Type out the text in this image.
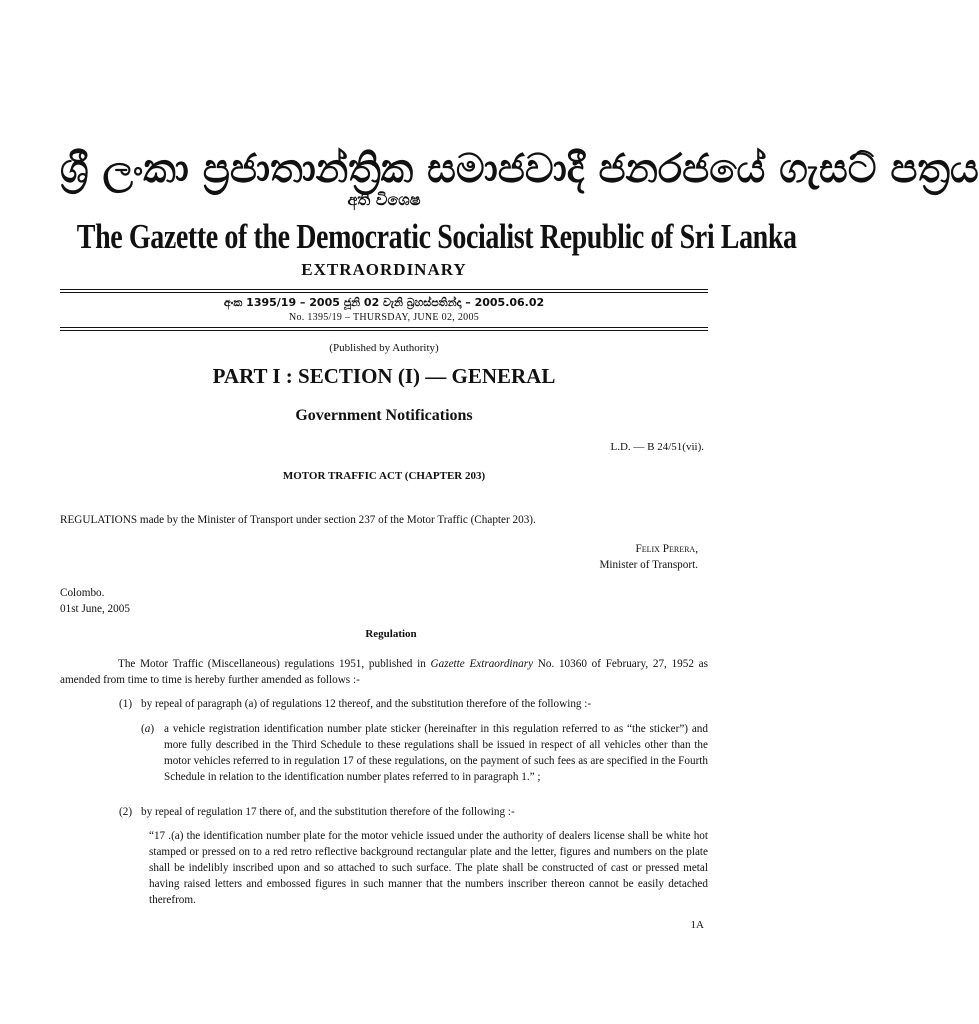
ශ්‍රී ලංකා ප්‍රජාතාන්ත්‍රික සමාජවාදී ජනරජයේ ගැසට් පත්‍රය
අති විශෙෂ
The Gazette of the Democratic Socialist Republic of Sri Lanka
EXTRAORDINARY
අංක 1395/19 – 2005 ජූනි 02 වැනි බ්‍රහස්පතින්දා – 2005.06.02
No. 1395/19 – THURSDAY, JUNE 02, 2005
(Published by Authority)
PART I : SECTION (I) — GENERAL
Government Notifications
L.D. — B 24/51(vii).
MOTOR TRAFFIC ACT (CHAPTER 203)
REGULATIONS made by the Minister of Transport under section 237 of the Motor Traffic (Chapter 203).
Felix Perera,
Minister of Transport.
Colombo.
01st June, 2005
Regulation
The Motor Traffic (Miscellaneous) regulations 1951, published in Gazette Extraordinary No. 10360 of February, 27, 1952 as amended from time to time is hereby further amended as follows :-
(1) by repeal of paragraph (a) of regulations 12 thereof, and the substitution therefore of the following :-
(a) a vehicle registration identification number plate sticker (hereinafter in this regulation referred to as “the sticker”) and more fully described in the Third Schedule to these regulations shall be issued in respect of all vehicles other than the motor vehicles referred to in regulation 17 of these regulations, on the payment of such fees as are specified in the Fourth Schedule in relation to the identification number plates referred to in paragraph 1.” ;
(2) by repeal of regulation 17 there of, and the substitution therefore of the following :-
“17 .(a) the identification number plate for the motor vehicle issued under the authority of dealers license shall be white hot stamped or pressed on to a red retro reflective background rectangular plate and the letter, figures and numbers on the plate shall be indelibly inscribed upon and so attached to such surface. The plate shall be constructed of cast or pressed metal having raised letters and embossed figures in such manner that the numbers inscriber thereon cannot be easily detached therefrom.
1A
